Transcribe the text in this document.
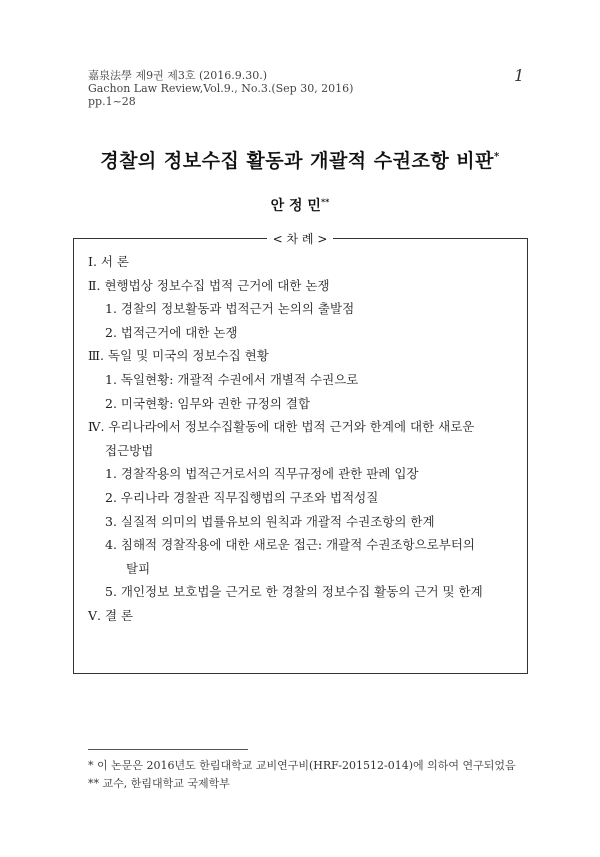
嘉泉法學 제9권 제3호 (2016.9.30.)
Gachon Law Review,Vol.9., No.3.(Sep 30, 2016)
pp.1~28
1
경찰의 정보수집 활동과 개괄적 수권조항 비판*
안 정 민**
< 차 례 >
Ⅰ. 서 론
Ⅱ. 현행법상 정보수집 법적 근거에 대한 논쟁
1. 경찰의 정보활동과 법적근거 논의의 출발점
2. 법적근거에 대한 논쟁
Ⅲ. 독일 및 미국의 정보수집 현황
1. 독일현황: 개괄적 수권에서 개별적 수권으로
2. 미국현황: 임무와 권한 규정의 결합
Ⅳ. 우리나라에서 정보수집활동에 대한 법적 근거와 한계에 대한 새로운
접근방법
1. 경찰작용의 법적근거로서의 직무규정에 관한 판례 입장
2. 우리나라 경찰관 직무집행법의 구조와 법적성질
3. 실질적 의미의 법률유보의 원칙과 개괄적 수권조항의 한계
4. 침해적 경찰작용에 대한 새로운 접근: 개괄적 수권조항으로부터의
탈피
5. 개인정보 보호법을 근거로 한 경찰의 정보수집 활동의 근거 및 한계
Ⅴ. 결 론
* 이 논문은 2016년도 한림대학교 교비연구비(HRF-201512-014)에 의하여 연구되었음
** 교수, 한림대학교 국제학부
